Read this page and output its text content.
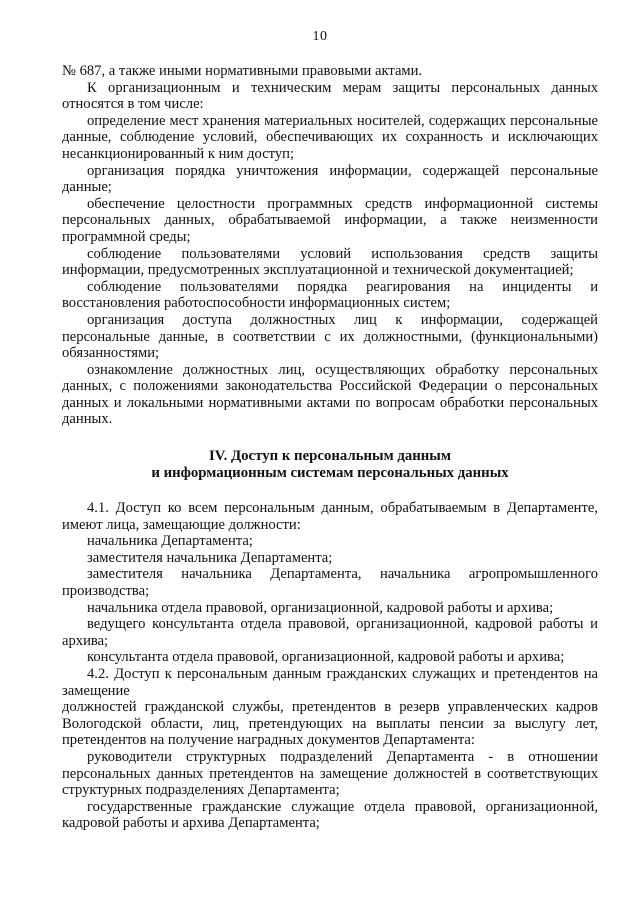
10

№ 687, а также иными нормативными правовыми актами.

К организационным и техническим мерам защиты персональных данных относятся в том числе:

определение мест хранения материальных носителей, содержащих персональные данные, соблюдение условий, обеспечивающих их сохранность и исключающих несанкционированный к ним доступ;

организация порядка уничтожения информации, содержащей персональные данные;

обеспечение целостности программных средств информационной системы персональных данных, обрабатываемой информации, а также неизменности программной среды;

соблюдение пользователями условий использования средств защиты информации, предусмотренных эксплуатационной и технической документацией;

соблюдение пользователями порядка реагирования на инциденты и восстановления работоспособности информационных систем;

организация доступа должностных лиц к информации, содержащей персональные данные, в соответствии с их должностными, (функциональными) обязанностями;

ознакомление должностных лиц, осуществляющих обработку персональных данных, с положениями законодательства Российской Федерации о персональных данных и локальными нормативными актами по вопросам обработки персональных данных.

IV. Доступ к персональным данным
и информационным системам персональных данных

4.1. Доступ ко всем персональным данным, обрабатываемым в Департаменте, имеют лица, замещающие должности:

начальника Департамента;

заместителя начальника Департамента;

заместителя начальника Департамента, начальника агропромышленного производства;

начальника отдела правовой, организационной, кадровой работы и архива;

ведущего консультанта отдела правовой, организационной, кадровой работы и архива;

консультанта отдела правовой, организационной, кадровой работы и архива;

4.2. Доступ к персональным данным гражданских служащих и претендентов на замещение

должностей гражданской службы, претендентов в резерв управленческих кадров Вологодской области, лиц, претендующих на выплаты пенсии за выслугу лет, претендентов на получение наградных документов Департамента:

руководители структурных подразделений Департамента - в отношении персональных данных претендентов на замещение должностей в соответствующих структурных подразделениях Департамента;

государственные гражданские служащие отдела правовой, организационной, кадровой работы и архива Департамента;
